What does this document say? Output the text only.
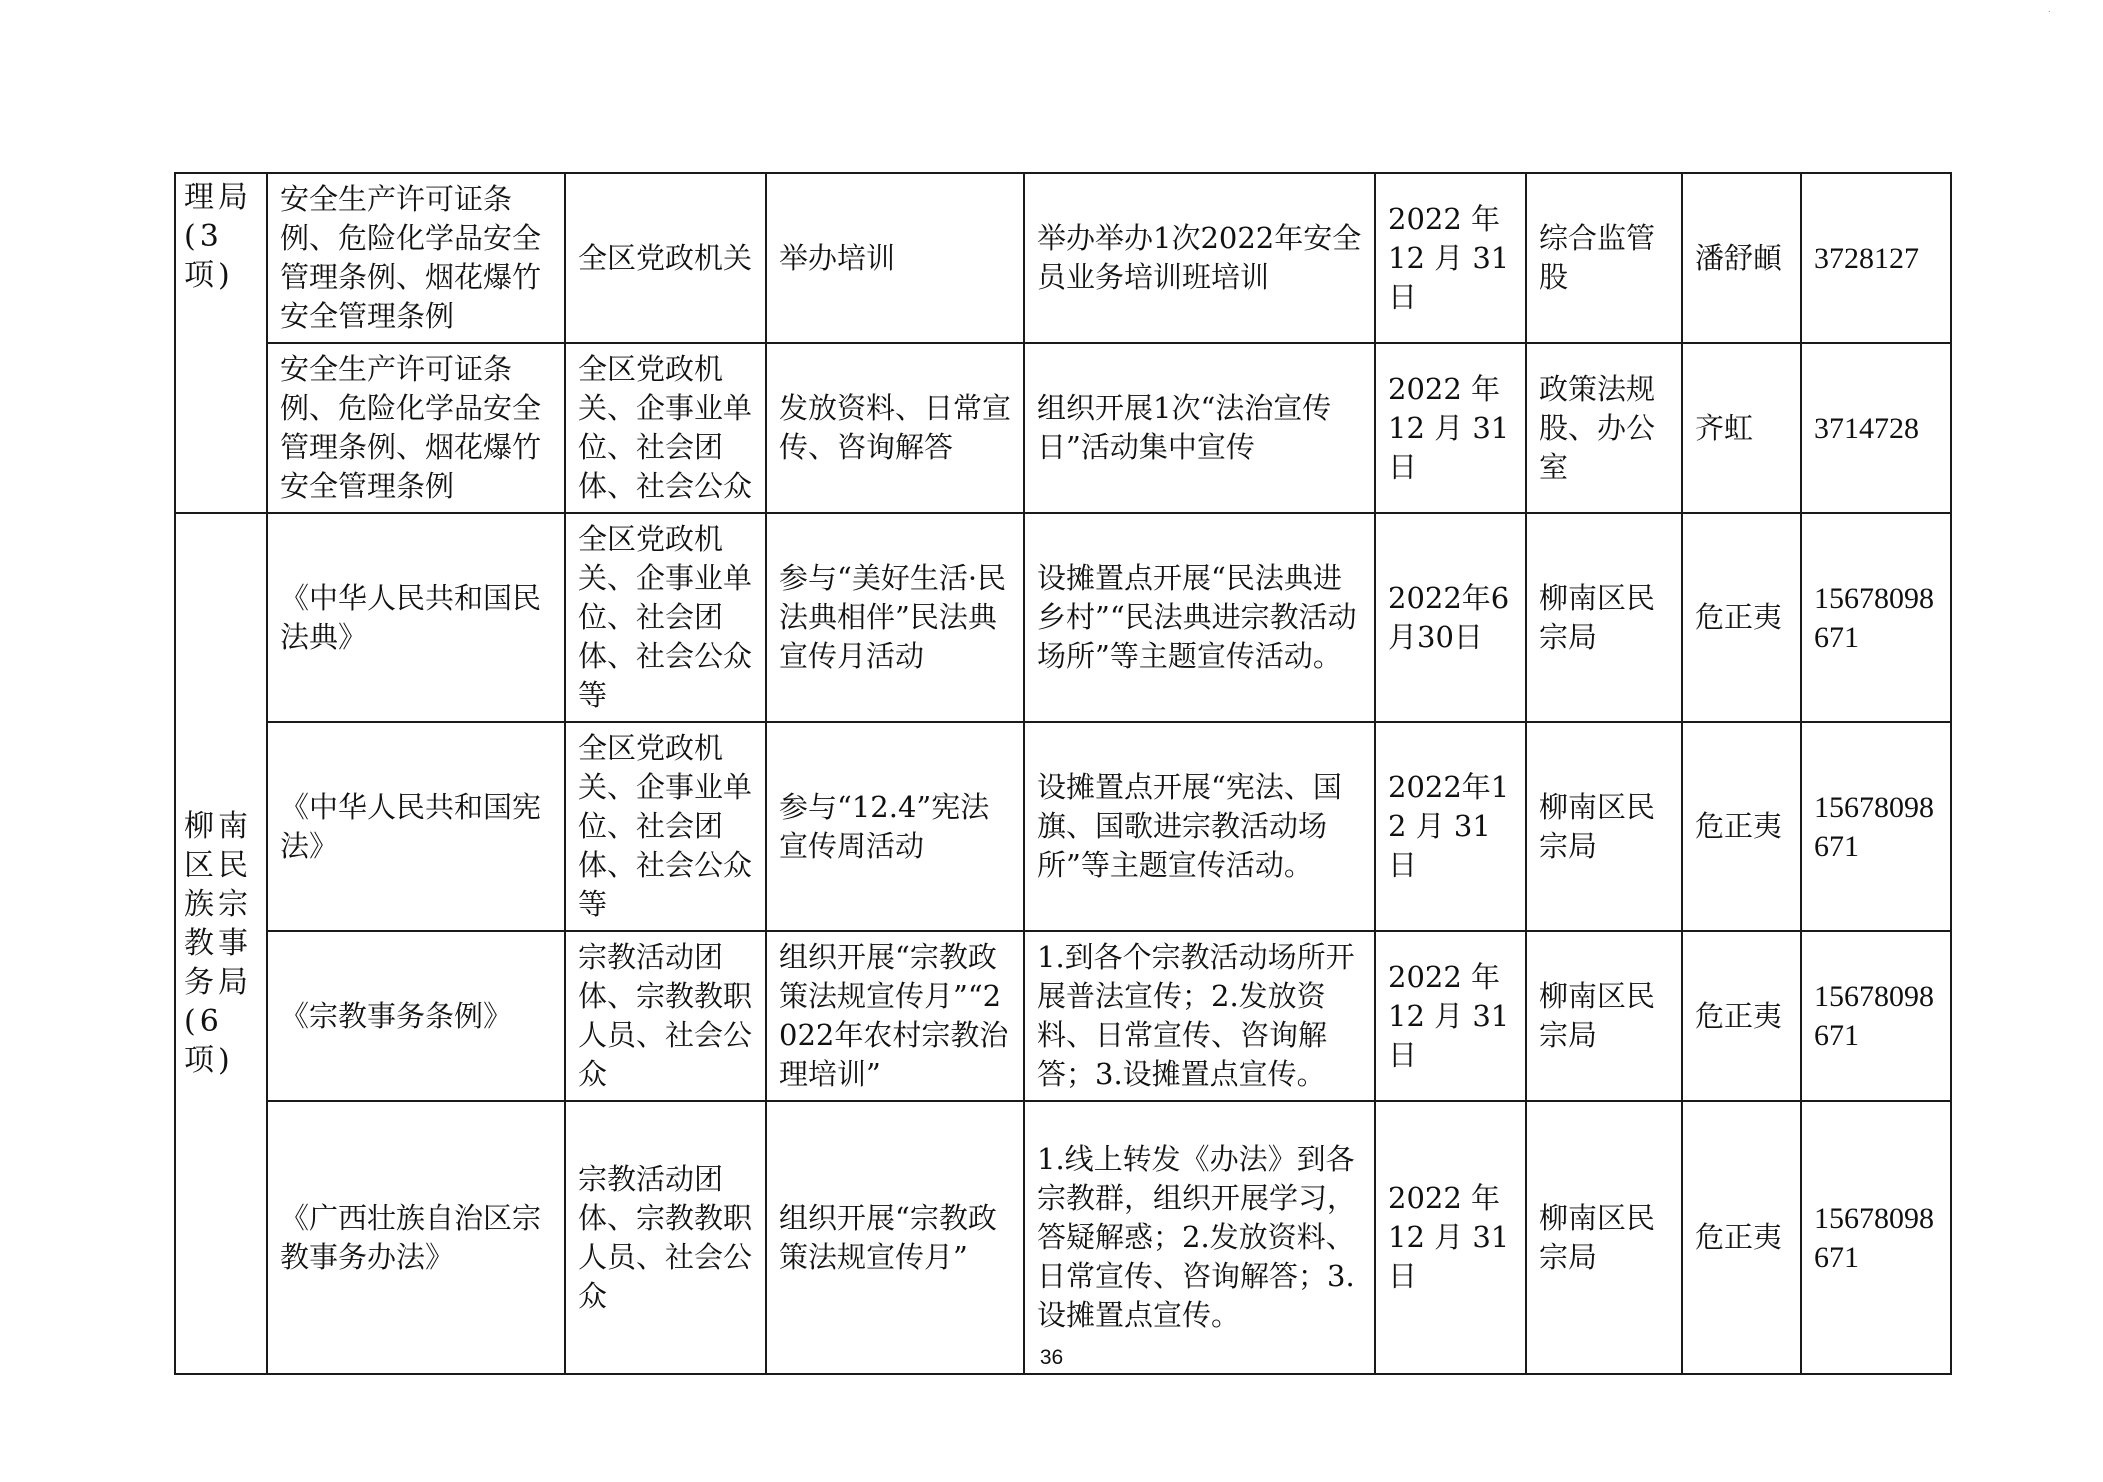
·
理局(3项)	安全生产许可证条例、危险化学品安全管理条例、烟花爆竹安全管理条例	全区党政机关	举办培训	举办举办1次2022年安全员业务培训班培训	2022 年12 月 31日	综合监管股	潘舒頔	3728127
	安全生产许可证条例、危险化学品安全管理条例、烟花爆竹安全管理条例	全区党政机关、企事业单位、社会团体、社会公众	发放资料、日常宣传、咨询解答	组织开展1次“法治宣传日”活动集中宣传	2022 年12 月 31日	政策法规股、办公室	齐虹	3714728
柳南区民族宗教事务局(6项)	《中华人民共和国民法典》	全区党政机关、企事业单位、社会团体、社会公众等	参与“美好生活·民法典相伴”民法典宣传月活动	设摊置点开展“民法典进乡村”“民法典进宗教活动场所”等主题宣传活动。	2022年6月30日	柳南区民宗局	危正夷	15678098671
	《中华人民共和国宪法》	全区党政机关、企事业单位、社会团体、社会公众等	参与“12.4”宪法宣传周活动	设摊置点开展“宪法、国旗、国歌进宗教活动场所”等主题宣传活动。	2022年12 月 31日	柳南区民宗局	危正夷	15678098671
	《宗教事务条例》	宗教活动团体、宗教教职人员、社会公众	组织开展“宗教政策法规宣传月”“2022年农村宗教治理培训”	1.到各个宗教活动场所开展普法宣传；2.发放资料、日常宣传、咨询解答；3.设摊置点宣传。	2022 年12 月 31日	柳南区民宗局	危正夷	15678098671
	《广西壮族自治区宗教事务办法》	宗教活动团体、宗教教职人员、社会公众	组织开展“宗教政策法规宣传月”	1.线上转发《办法》到各宗教群，组织开展学习，答疑解惑；2.发放资料、日常宣传、咨询解答；3.设摊置点宣传。	2022 年12 月 31日	柳南区民宗局	危正夷	15678098671
36
